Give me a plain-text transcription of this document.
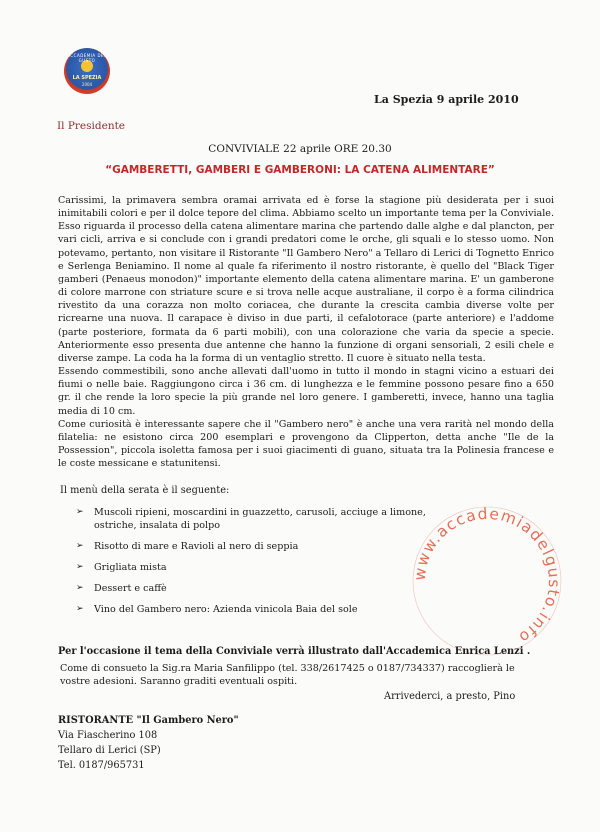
ACCADEMIA DEL GUSTO
LA SPEZIA
2004
La Spezia 9 aprile 2010
Il Presidente
CONVIVIALE 22 aprile ORE 20.30
“GAMBERETTI, GAMBERI E GAMBERONI: LA CATENA ALIMENTARE”

Carissimi, la primavera sembra oramai arrivata ed è forse la stagione più desiderata per i suoi inimitabili colori e per il dolce tepore del clima. Abbiamo scelto un importante tema per la Conviviale. Esso riguarda il processo della catena alimentare marina che partendo dalle alghe e dal plancton, per vari cicli, arriva e si conclude con i grandi predatori come le orche, gli squali e lo stesso uomo. Non potevamo, pertanto, non visitare il Ristorante "Il Gambero Nero" a Tellaro di Lerici di Tognetto Enrico e Serlenga Beniamino. Il nome al quale fa riferimento il nostro ristorante, è quello del "Black Tiger gamberi (Penaeus monodon)" importante elemento della catena alimentare marina. E' un gamberone di colore marrone con striature scure e si trova nelle acque australiane, il corpo è a forma cilindrica rivestito da una corazza non molto coriacea, che durante la crescita cambia diverse volte per ricrearne una nuova. Il carapace è diviso in due parti, il cefalotorace (parte anteriore) e l'addome (parte posteriore, formata da 6 parti mobili), con una colorazione che varia da specie a specie. Anteriormente esso presenta due antenne che hanno la funzione di organi sensoriali, 2 esili chele e diverse zampe. La coda ha la forma di un ventaglio stretto. Il cuore è situato nella testa.

Essendo commestibili, sono anche allevati dall'uomo in tutto il mondo in stagni vicino a estuari dei fiumi o nelle baie. Raggiungono circa i 36 cm. di lunghezza e le femmine possono pesare fino a 650 gr. il che rende la loro specie la più grande nel loro genere. I gamberetti, invece, hanno una taglia media di 10 cm.

Come curiosità è interessante sapere che il "Gambero nero" è anche una vera rarità nel mondo della filatelia: ne esistono circa 200 esemplari e provengono da Clipperton, detta anche "Ile de la Possession", piccola isoletta famosa per i suoi giacimenti di guano, situata tra la Polinesia francese e le coste messicane e statunitensi.

Il menù della serata è il seguente:
➢ Muscoli ripieni, moscardini in guazzetto, carusoli, acciuge a limone, ostriche, insalata di polpo
➢ Risotto di mare e Ravioli al nero di seppia
➢ Grigliata mista
➢ Dessert e caffè
➢ Vino del Gambero nero: Azienda vinicola Baia del sole
www.accademiadelgusto.info
Per l'occasione il tema della Conviviale verrà illustrato dall'Accademica Enrica Lenzi .
Come di consueto la Sig.ra Maria Sanfilippo (tel. 338/2617425 o 0187/734337) raccoglierà le vostre adesioni. Saranno graditi eventuali ospiti.
Arrivederci, a presto, Pino
RISTORANTE "Il Gambero Nero"
Via Fiascherino 108
Tellaro di Lerici (SP)
Tel. 0187/965731
